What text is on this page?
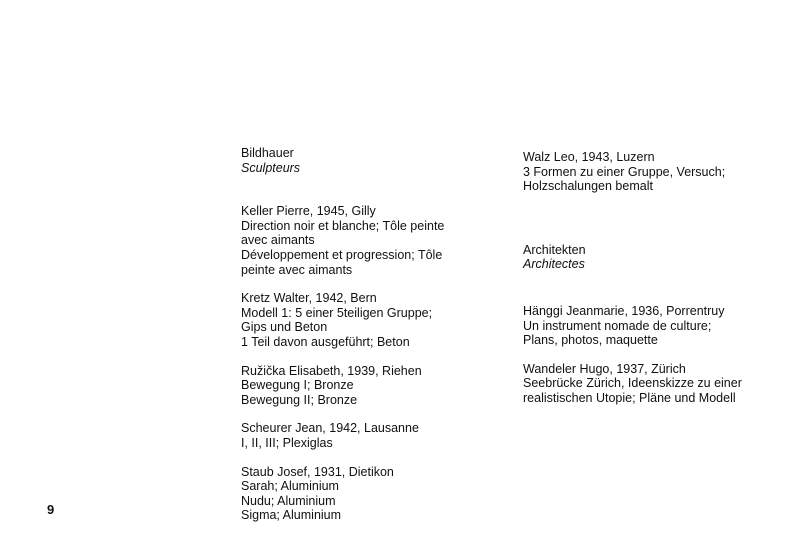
Bildhauer
Sculpteurs
Keller Pierre, 1945, Gilly
Direction noir et blanche; Tôle peinte
avec aimants
Développement et progression; Tôle
peinte avec aimants
Kretz Walter, 1942, Bern
Modell 1: 5 einer 5teiligen Gruppe;
Gips und Beton
1 Teil davon ausgeführt; Beton
Ružička Elisabeth, 1939, Riehen
Bewegung I; Bronze
Bewegung II; Bronze
Scheurer Jean, 1942, Lausanne
I, II, III; Plexiglas
Staub Josef, 1931, Dietikon
Sarah; Aluminium
Nudu; Aluminium
Sigma; Aluminium
Walz Leo, 1943, Luzern
3 Formen zu einer Gruppe, Versuch;
Holzschalungen bemalt
Architekten
Architectes
Hänggi Jeanmarie, 1936, Porrentruy
Un instrument nomade de culture;
Plans, photos, maquette
Wandeler Hugo, 1937, Zürich
Seebrücke Zürich, Ideenskizze zu einer
realistischen Utopie; Pläne und Modell
9
